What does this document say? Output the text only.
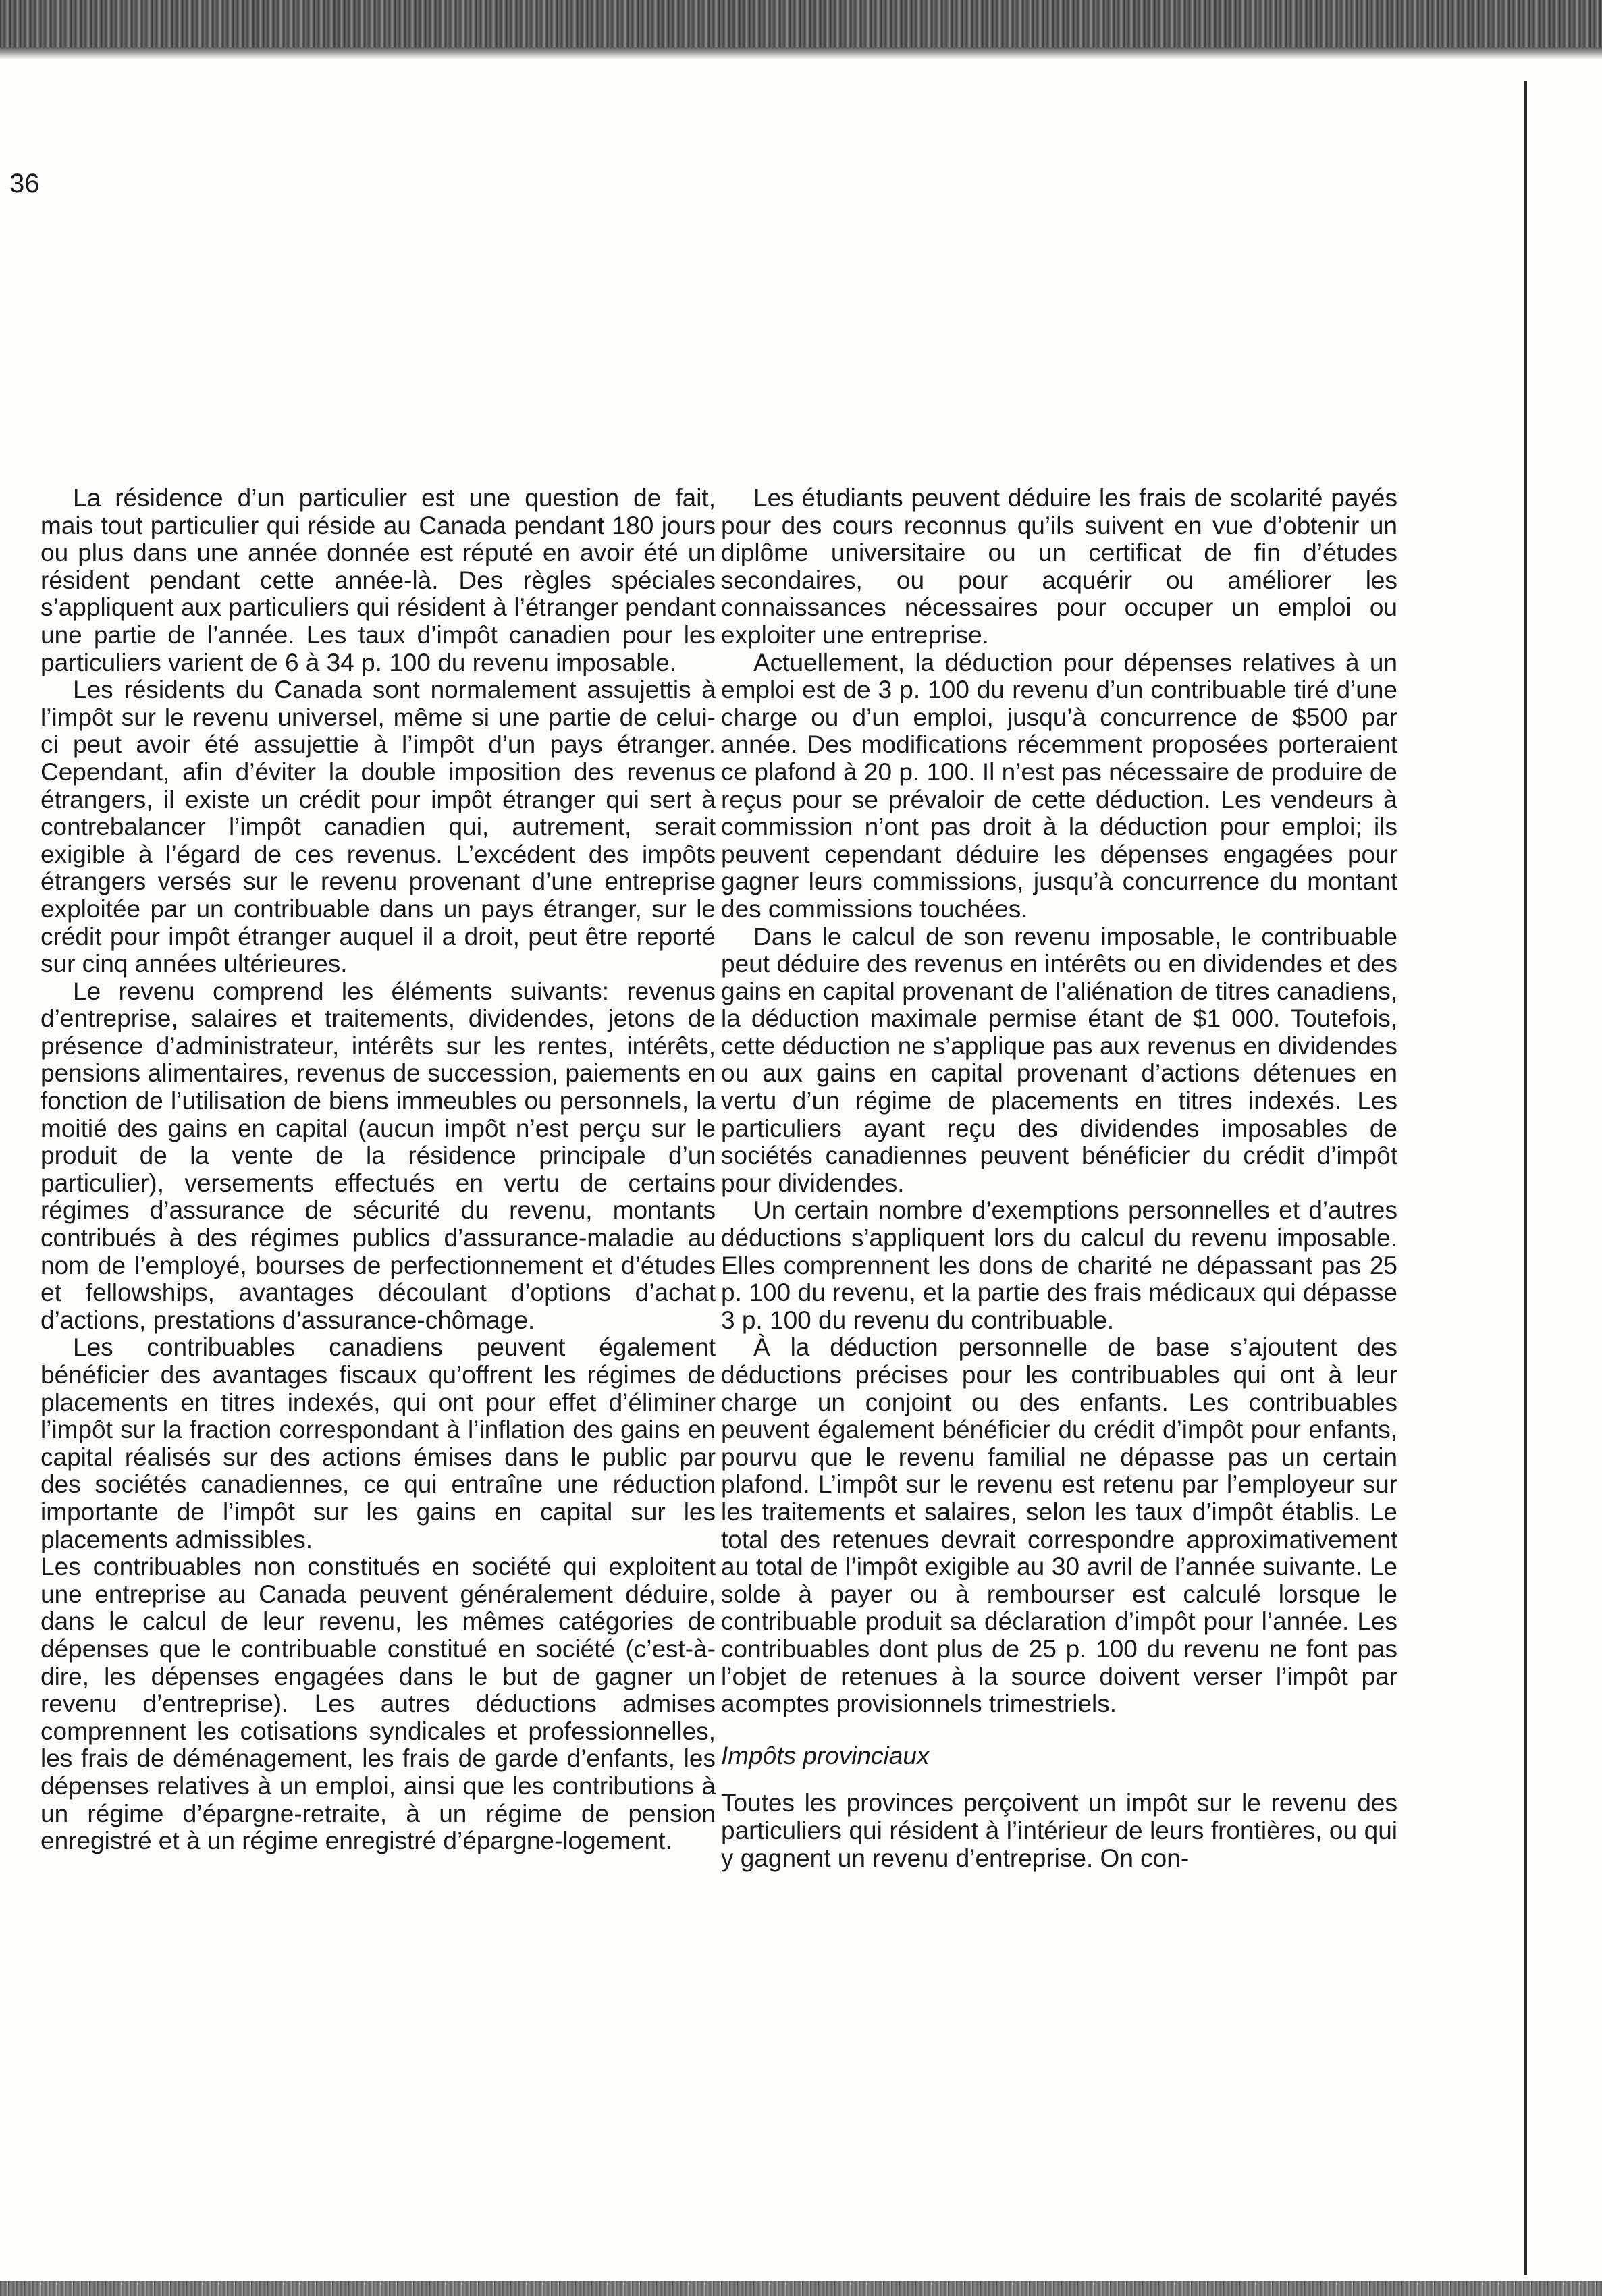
36

La résidence d’un particulier est une question de fait, mais tout particulier qui réside au Canada pendant 180 jours ou plus dans une année donnée est réputé en avoir été un résident pendant cette année-là. Des règles spéciales s’appliquent aux particuliers qui résident à l’étranger pendant une partie de l’année. Les taux d’impôt canadien pour les particuliers varient de 6 à 34 p. 100 du revenu imposable.

Les résidents du Canada sont normalement assujettis à l’impôt sur le revenu universel, même si une partie de celui-ci peut avoir été assujettie à l’impôt d’un pays étranger. Cependant, afin d’éviter la double imposition des revenus étrangers, il existe un crédit pour impôt étranger qui sert à contrebalancer l’impôt canadien qui, autrement, serait exigible à l’égard de ces revenus. L’excédent des impôts étrangers versés sur le revenu provenant d’une entreprise exploitée par un contribuable dans un pays étranger, sur le crédit pour impôt étranger auquel il a droit, peut être reporté sur cinq années ultérieures.

Le revenu comprend les éléments suivants: revenus d’entreprise, salaires et traitements, dividendes, jetons de présence d’administrateur, intérêts sur les rentes, intérêts, pensions alimentaires, revenus de succession, paiements en fonction de l’utilisation de biens immeubles ou personnels, la moitié des gains en capital (aucun impôt n’est perçu sur le produit de la vente de la résidence principale d’un particulier), versements effectués en vertu de certains régimes d’assurance de sécurité du revenu, montants contribués à des régimes publics d’assurance-maladie au nom de l’employé, bourses de perfectionnement et d’études et fellowships, avantages découlant d’options d’achat d’actions, prestations d’assurance-chômage.

Les contribuables canadiens peuvent également bénéficier des avantages fiscaux qu’offrent les régimes de placements en titres indexés, qui ont pour effet d’éliminer l’impôt sur la fraction correspondant à l’inflation des gains en capital réalisés sur des actions émises dans le public par des sociétés canadiennes, ce qui entraîne une réduction importante de l’impôt sur les gains en capital sur les placements admissibles.

Les contribuables non constitués en société qui exploitent une entreprise au Canada peuvent généralement déduire, dans le calcul de leur revenu, les mêmes catégories de dépenses que le contribuable constitué en société (c’est-à-dire, les dépenses engagées dans le but de gagner un revenu d’entreprise). Les autres déductions admises comprennent les cotisations syndicales et professionnelles, les frais de déménagement, les frais de garde d’enfants, les dépenses relatives à un emploi, ainsi que les contributions à un régime d’épargne-retraite, à un régime de pension enregistré et à un régime enregistré d’épargne-logement.

Les étudiants peuvent déduire les frais de scolarité payés pour des cours reconnus qu’ils suivent en vue d’obtenir un diplôme universitaire ou un certificat de fin d’études secondaires, ou pour acquérir ou améliorer les connaissances nécessaires pour occuper un emploi ou exploiter une entreprise.

Actuellement, la déduction pour dépenses relatives à un emploi est de 3 p. 100 du revenu d’un contribuable tiré d’une charge ou d’un emploi, jusqu’à concurrence de $500 par année. Des modifications récemment proposées porteraient ce plafond à 20 p. 100. Il n’est pas nécessaire de produire de reçus pour se prévaloir de cette déduction. Les vendeurs à commission n’ont pas droit à la déduction pour emploi; ils peuvent cependant déduire les dépenses engagées pour gagner leurs commissions, jusqu’à concurrence du montant des commissions touchées.

Dans le calcul de son revenu imposable, le contribuable peut déduire des revenus en intérêts ou en dividendes et des gains en capital provenant de l’aliénation de titres canadiens, la déduction maximale permise étant de $1 000. Toutefois, cette déduction ne s’applique pas aux revenus en dividendes ou aux gains en capital provenant d’actions détenues en vertu d’un régime de placements en titres indexés. Les particuliers ayant reçu des dividendes imposables de sociétés canadiennes peuvent bénéficier du crédit d’impôt pour dividendes.

Un certain nombre d’exemptions personnelles et d’autres déductions s’appliquent lors du calcul du revenu imposable. Elles comprennent les dons de charité ne dépassant pas 25 p. 100 du revenu, et la partie des frais médicaux qui dépasse 3 p. 100 du revenu du contribuable.

À la déduction personnelle de base s’ajoutent des déductions précises pour les contribuables qui ont à leur charge un conjoint ou des enfants. Les contribuables peuvent également bénéficier du crédit d’impôt pour enfants, pourvu que le revenu familial ne dépasse pas un certain plafond. L’impôt sur le revenu est retenu par l’employeur sur les traitements et salaires, selon les taux d’impôt établis. Le total des retenues devrait correspondre approximativement au total de l’impôt exigible au 30 avril de l’année suivante. Le solde à payer ou à rembourser est calculé lorsque le contribuable produit sa déclaration d’impôt pour l’année. Les contribuables dont plus de 25 p. 100 du revenu ne font pas l’objet de retenues à la source doivent verser l’impôt par acomptes provisionnels trimestriels.

Impôts provinciaux

Toutes les provinces perçoivent un impôt sur le revenu des particuliers qui résident à l’intérieur de leurs frontières, ou qui y gagnent un revenu d’entreprise. On con-
